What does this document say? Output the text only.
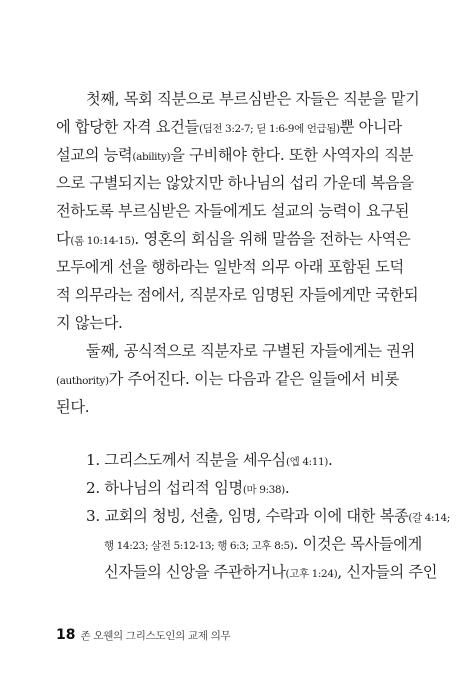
첫째, 목회 직분으로 부르심받은 자들은 직분을 맡기
에 합당한 자격 요건들(딤전 3:2-7; 딛 1:6-9에 언급됨)뿐 아니라
설교의 능력(ability)을 구비해야 한다. 또한 사역자의 직분
으로 구별되지는 않았지만 하나님의 섭리 가운데 복음을
전하도록 부르심받은 자들에게도 설교의 능력이 요구된
다(롬 10:14-15). 영혼의 회심을 위해 말씀을 전하는 사역은
모두에게 선을 행하라는 일반적 의무 아래 포함된 도덕
적 의무라는 점에서, 직분자로 임명된 자들에게만 국한되
지 않는다.
둘째, 공식적으로 직분자로 구별된 자들에게는 권위
(authority)가 주어진다. 이는 다음과 같은 일들에서 비롯
된다.
1. 그리스도께서 직분을 세우심(엡 4:11).
2. 하나님의 섭리적 임명(마 9:38).
3. 교회의 청빙, 선출, 임명, 수락과 이에 대한 복종(갈 4:14;
행 14:23; 살전 5:12-13; 행 6:3; 고후 8:5). 이것은 목사들에게
신자들의 신앙을 주관하거나(고후 1:24), 신자들의 주인
18 존 오웬의 그리스도인의 교제 의무
